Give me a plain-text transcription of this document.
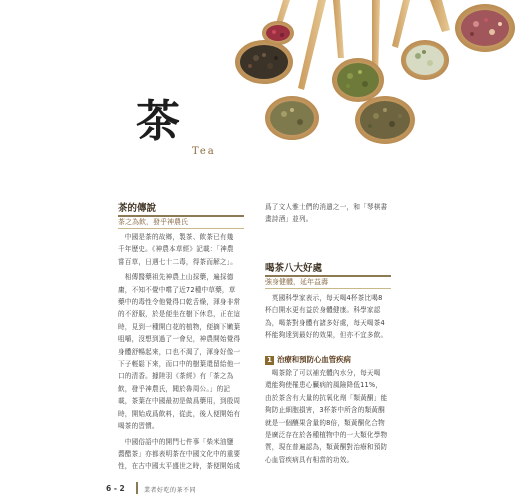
茶
Tea
茶的傳說
茶之為飲，發乎神農氏
　中國是茶的故鄉，製茶、飲茶已有幾
千年歷史。《神農本草經》記載：「神農
嘗百草，日遇七十二毒，得茶而解之」。
　相傳醫藥祖先神農上山採藥，遍採德
庸，不知不覺中嚐了近72種中草藥，草
藥中的毒性令他覺得口乾舌燥，渾身非常
的不舒服，於是便坐在樹下休息，正在這
時，見到一種開白花的植物，便摘下嫩葉
咀嚼，沒想到過了一會兒，神農開始覺得
身體舒暢起來，口也不渴了，渾身好像一
下子輕鬆下來，而口中的樹葉還留給他一
口的清香。據陸羽《茶經》有「茶之為
飲，發乎神農氏，聞於魯周公。」的記
載，茶葉在中國最初是做爲藥用，到殷周
時，開始成爲飲料，從此，後人便開始有
喝茶的習慣。
　中國俗語中的開門七件事「柴米油鹽
醬醋茶」亦都表明茶在中國文化中的重要
性，在古中國太平盛世之時，茶便開始成
爲了文人雅士們的消遣之一，和「琴棋書
畫詩酒」並列。
喝茶八大好處
強身健體，延年益壽
　英國科學家表示，每天喝4杯茶比喝8
杯白開水更有益於身體健康。科學家認
為，喝茶對身體有諸多好處，每天喝茶4
杯能夠達到最好的效果，但亦不宜多飲。
1 治療和預防心血管疾病
　喝茶除了可以補充體內水分，每天喝
還能夠使罹患心臟病的風險降低11%，
由於茶含有大量的抗氧化劑「類黃酮」能
夠防止細胞損害，3杯茶中所含的類黃酮
就是一個釀果含量的8倍，類黃酮化合物
是廣泛存在於各種植物中的一大類化學物
質，現在普遍認為，類黃酮對治療和預防
心血管疾病具有相當的功效。
6 - 2	業者好吃的茶不同
